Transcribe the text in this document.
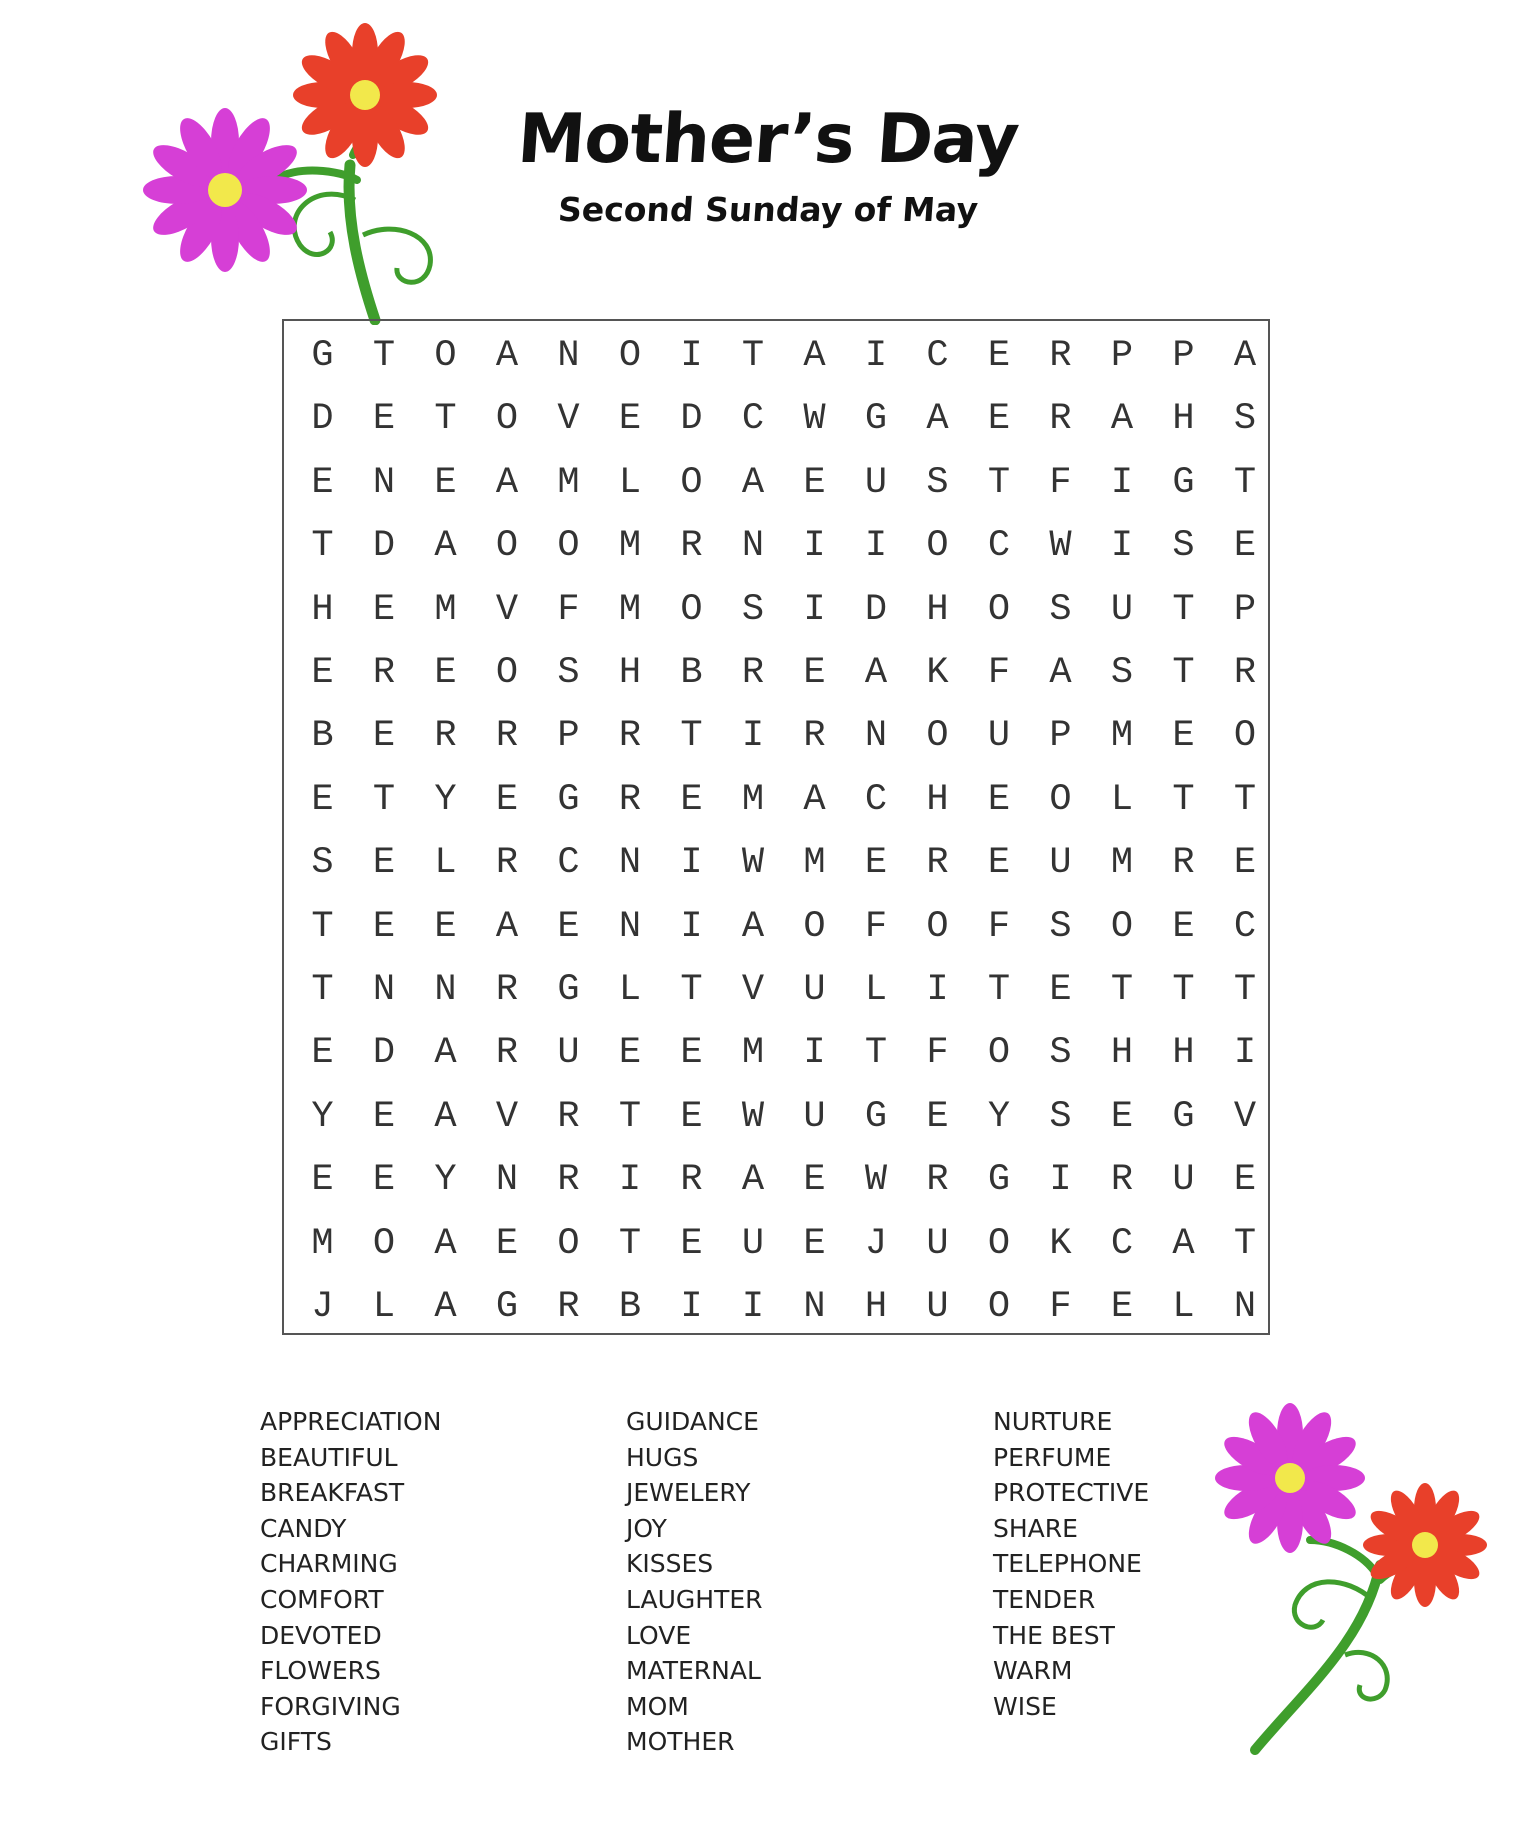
Mother’s Day
Second Sunday of May
G	T	O	A	N	O	I	T	A	I	C	E	R	P	P	A
D	E	T	O	V	E	D	C	W	G	A	E	R	A	H	S
E	N	E	A	M	L	O	A	E	U	S	T	F	I	G	T
T	D	A	O	O	M	R	N	I	I	O	C	W	I	S	E
H	E	M	V	F	M	O	S	I	D	H	O	S	U	T	P
E	R	E	O	S	H	B	R	E	A	K	F	A	S	T	R
B	E	R	R	P	R	T	I	R	N	O	U	P	M	E	O
E	T	Y	E	G	R	E	M	A	C	H	E	O	L	T	T
S	E	L	R	C	N	I	W	M	E	R	E	U	M	R	E
T	E	E	A	E	N	I	A	O	F	O	F	S	O	E	C
T	N	N	R	G	L	T	V	U	L	I	T	E	T	T	T
E	D	A	R	U	E	E	M	I	T	F	O	S	H	H	I
Y	E	A	V	R	T	E	W	U	G	E	Y	S	E	G	V
E	E	Y	N	R	I	R	A	E	W	R	G	I	R	U	E
M	O	A	E	O	T	E	U	E	J	U	O	K	C	A	T
J	L	A	G	R	B	I	I	N	H	U	O	F	E	L	N
APPRECIATION
BEAUTIFUL
BREAKFAST
CANDY
CHARMING
COMFORT
DEVOTED
FLOWERS
FORGIVING
GIFTS
GUIDANCE
HUGS
JEWELERY
JOY
KISSES
LAUGHTER
LOVE
MATERNAL
MOM
MOTHER
NURTURE
PERFUME
PROTECTIVE
SHARE
TELEPHONE
TENDER
THE BEST
WARM
WISE
